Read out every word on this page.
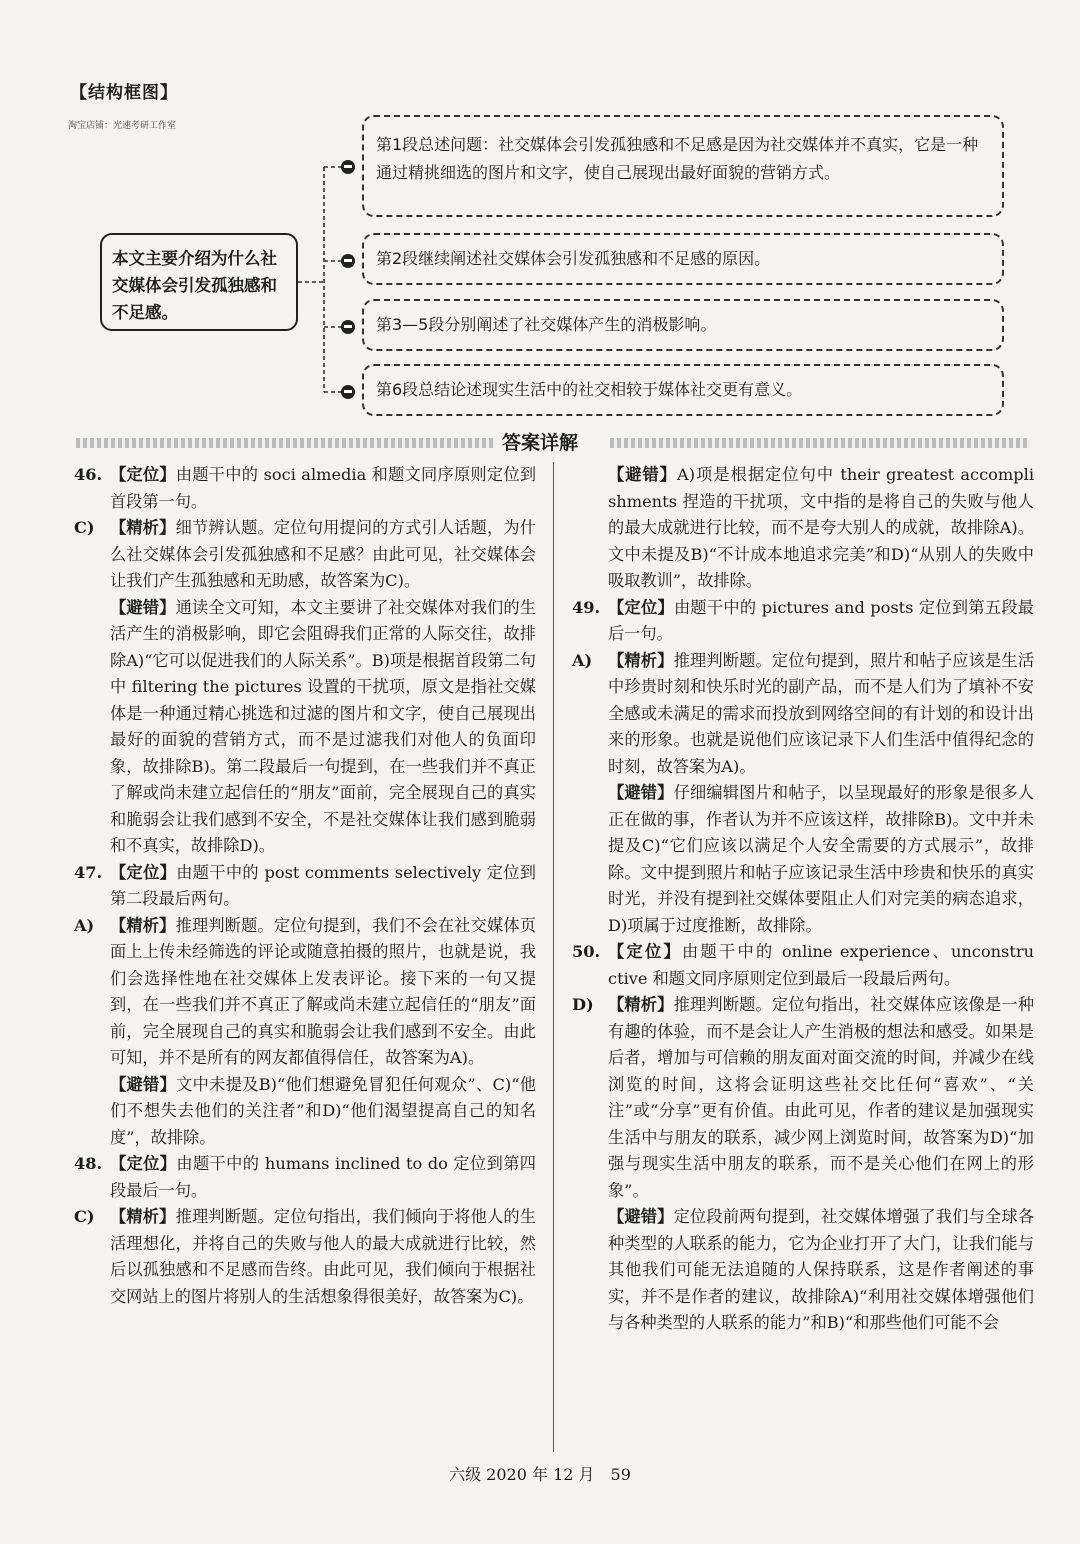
【结构框图】
淘宝店铺：光速考研工作室
本文主要介绍为什么社交媒体会引发孤独感和不足感。
第1段总述问题：社交媒体会引发孤独感和不足感是因为社交媒体并不真实，它是一种通过精挑细选的图片和文字，使自己展现出最好面貌的营销方式。
第2段继续阐述社交媒体会引发孤独感和不足感的原因。
第3—5段分别阐述了社交媒体产生的消极影响。
第6段总结论述现实生活中的社交相较于媒体社交更有意义。
答案详解
46. 【定位】由题干中的 soci almedia 和题文同序原则定位到首段第一句。
C) 【精析】细节辨认题。定位句用提问的方式引人话题，为什么社交媒体会引发孤独感和不足感？由此可见，社交媒体会让我们产生孤独感和无助感，故答案为C)。
【避错】通读全文可知，本文主要讲了社交媒体对我们的生活产生的消极影响，即它会阻碍我们正常的人际交往，故排除A)“它可以促进我们的人际关系”。B)项是根据首段第二句中 filtering the pictures 设置的干扰项，原文是指社交媒体是一种通过精心挑选和过滤的图片和文字，使自己展现出最好的面貌的营销方式，而不是过滤我们对他人的负面印象，故排除B)。第二段最后一句提到，在一些我们并不真正了解或尚未建立起信任的“朋友”面前，完全展现自己的真实和脆弱会让我们感到不安全，不是社交媒体让我们感到脆弱和不真实，故排除D)。
47. 【定位】由题干中的 post comments selectively 定位到第二段最后两句。
A) 【精析】推理判断题。定位句提到，我们不会在社交媒体页面上上传未经筛选的评论或随意拍摄的照片，也就是说，我们会选择性地在社交媒体上发表评论。接下来的一句又提到，在一些我们并不真正了解或尚未建立起信任的“朋友”面前，完全展现自己的真实和脆弱会让我们感到不安全。由此可知，并不是所有的网友都值得信任，故答案为A)。
【避错】文中未提及B)“他们想避免冒犯任何观众”、C)“他们不想失去他们的关注者”和D)“他们渴望提高自己的知名度”，故排除。
48. 【定位】由题干中的 humans inclined to do 定位到第四段最后一句。
C) 【精析】推理判断题。定位句指出，我们倾向于将他人的生活理想化，并将自己的失败与他人的最大成就进行比较，然后以孤独感和不足感而告终。由此可见，我们倾向于根据社交网站上的图片将别人的生活想象得很美好，故答案为C)。
【避错】A)项是根据定位句中 their greatest accompli shments 捏造的干扰项，文中指的是将自己的失败与他人的最大成就进行比较，而不是夸大别人的成就，故排除A)。文中未提及B)“不计成本地追求完美”和D)“从别人的失败中吸取教训”，故排除。
49. 【定位】由题干中的 pictures and posts 定位到第五段最后一句。
A) 【精析】推理判断题。定位句提到，照片和帖子应该是生活中珍贵时刻和快乐时光的副产品，而不是人们为了填补不安全感或未满足的需求而投放到网络空间的有计划的和设计出来的形象。也就是说他们应该记录下人们生活中值得纪念的时刻，故答案为A)。
【避错】仔细编辑图片和帖子，以呈现最好的形象是很多人正在做的事，作者认为并不应该这样，故排除B)。文中并未提及C)“它们应该以满足个人安全需要的方式展示”，故排除。文中提到照片和帖子应该记录生活中珍贵和快乐的真实时光，并没有提到社交媒体要阻止人们对完美的病态追求，D)项属于过度推断，故排除。
50. 【定位】由题干中的 online experience、unconstru ctive 和题文同序原则定位到最后一段最后两句。
D) 【精析】推理判断题。定位句指出，社交媒体应该像是一种有趣的体验，而不是会让人产生消极的想法和感受。如果是后者，增加与可信赖的朋友面对面交流的时间，并减少在线浏览的时间，这将会证明这些社交比任何“喜欢”、“关注”或“分享”更有价值。由此可见，作者的建议是加强现实生活中与朋友的联系，减少网上浏览时间，故答案为D)“加强与现实生活中朋友的联系，而不是关心他们在网上的形象”。
【避错】定位段前两句提到，社交媒体增强了我们与全球各种类型的人联系的能力，它为企业打开了大门，让我们能与其他我们可能无法追随的人保持联系，这是作者阐述的事实，并不是作者的建议，故排除A)“利用社交媒体增强他们与各种类型的人联系的能力”和B)“和那些他们可能不会
六级 2020 年 12 月　59
